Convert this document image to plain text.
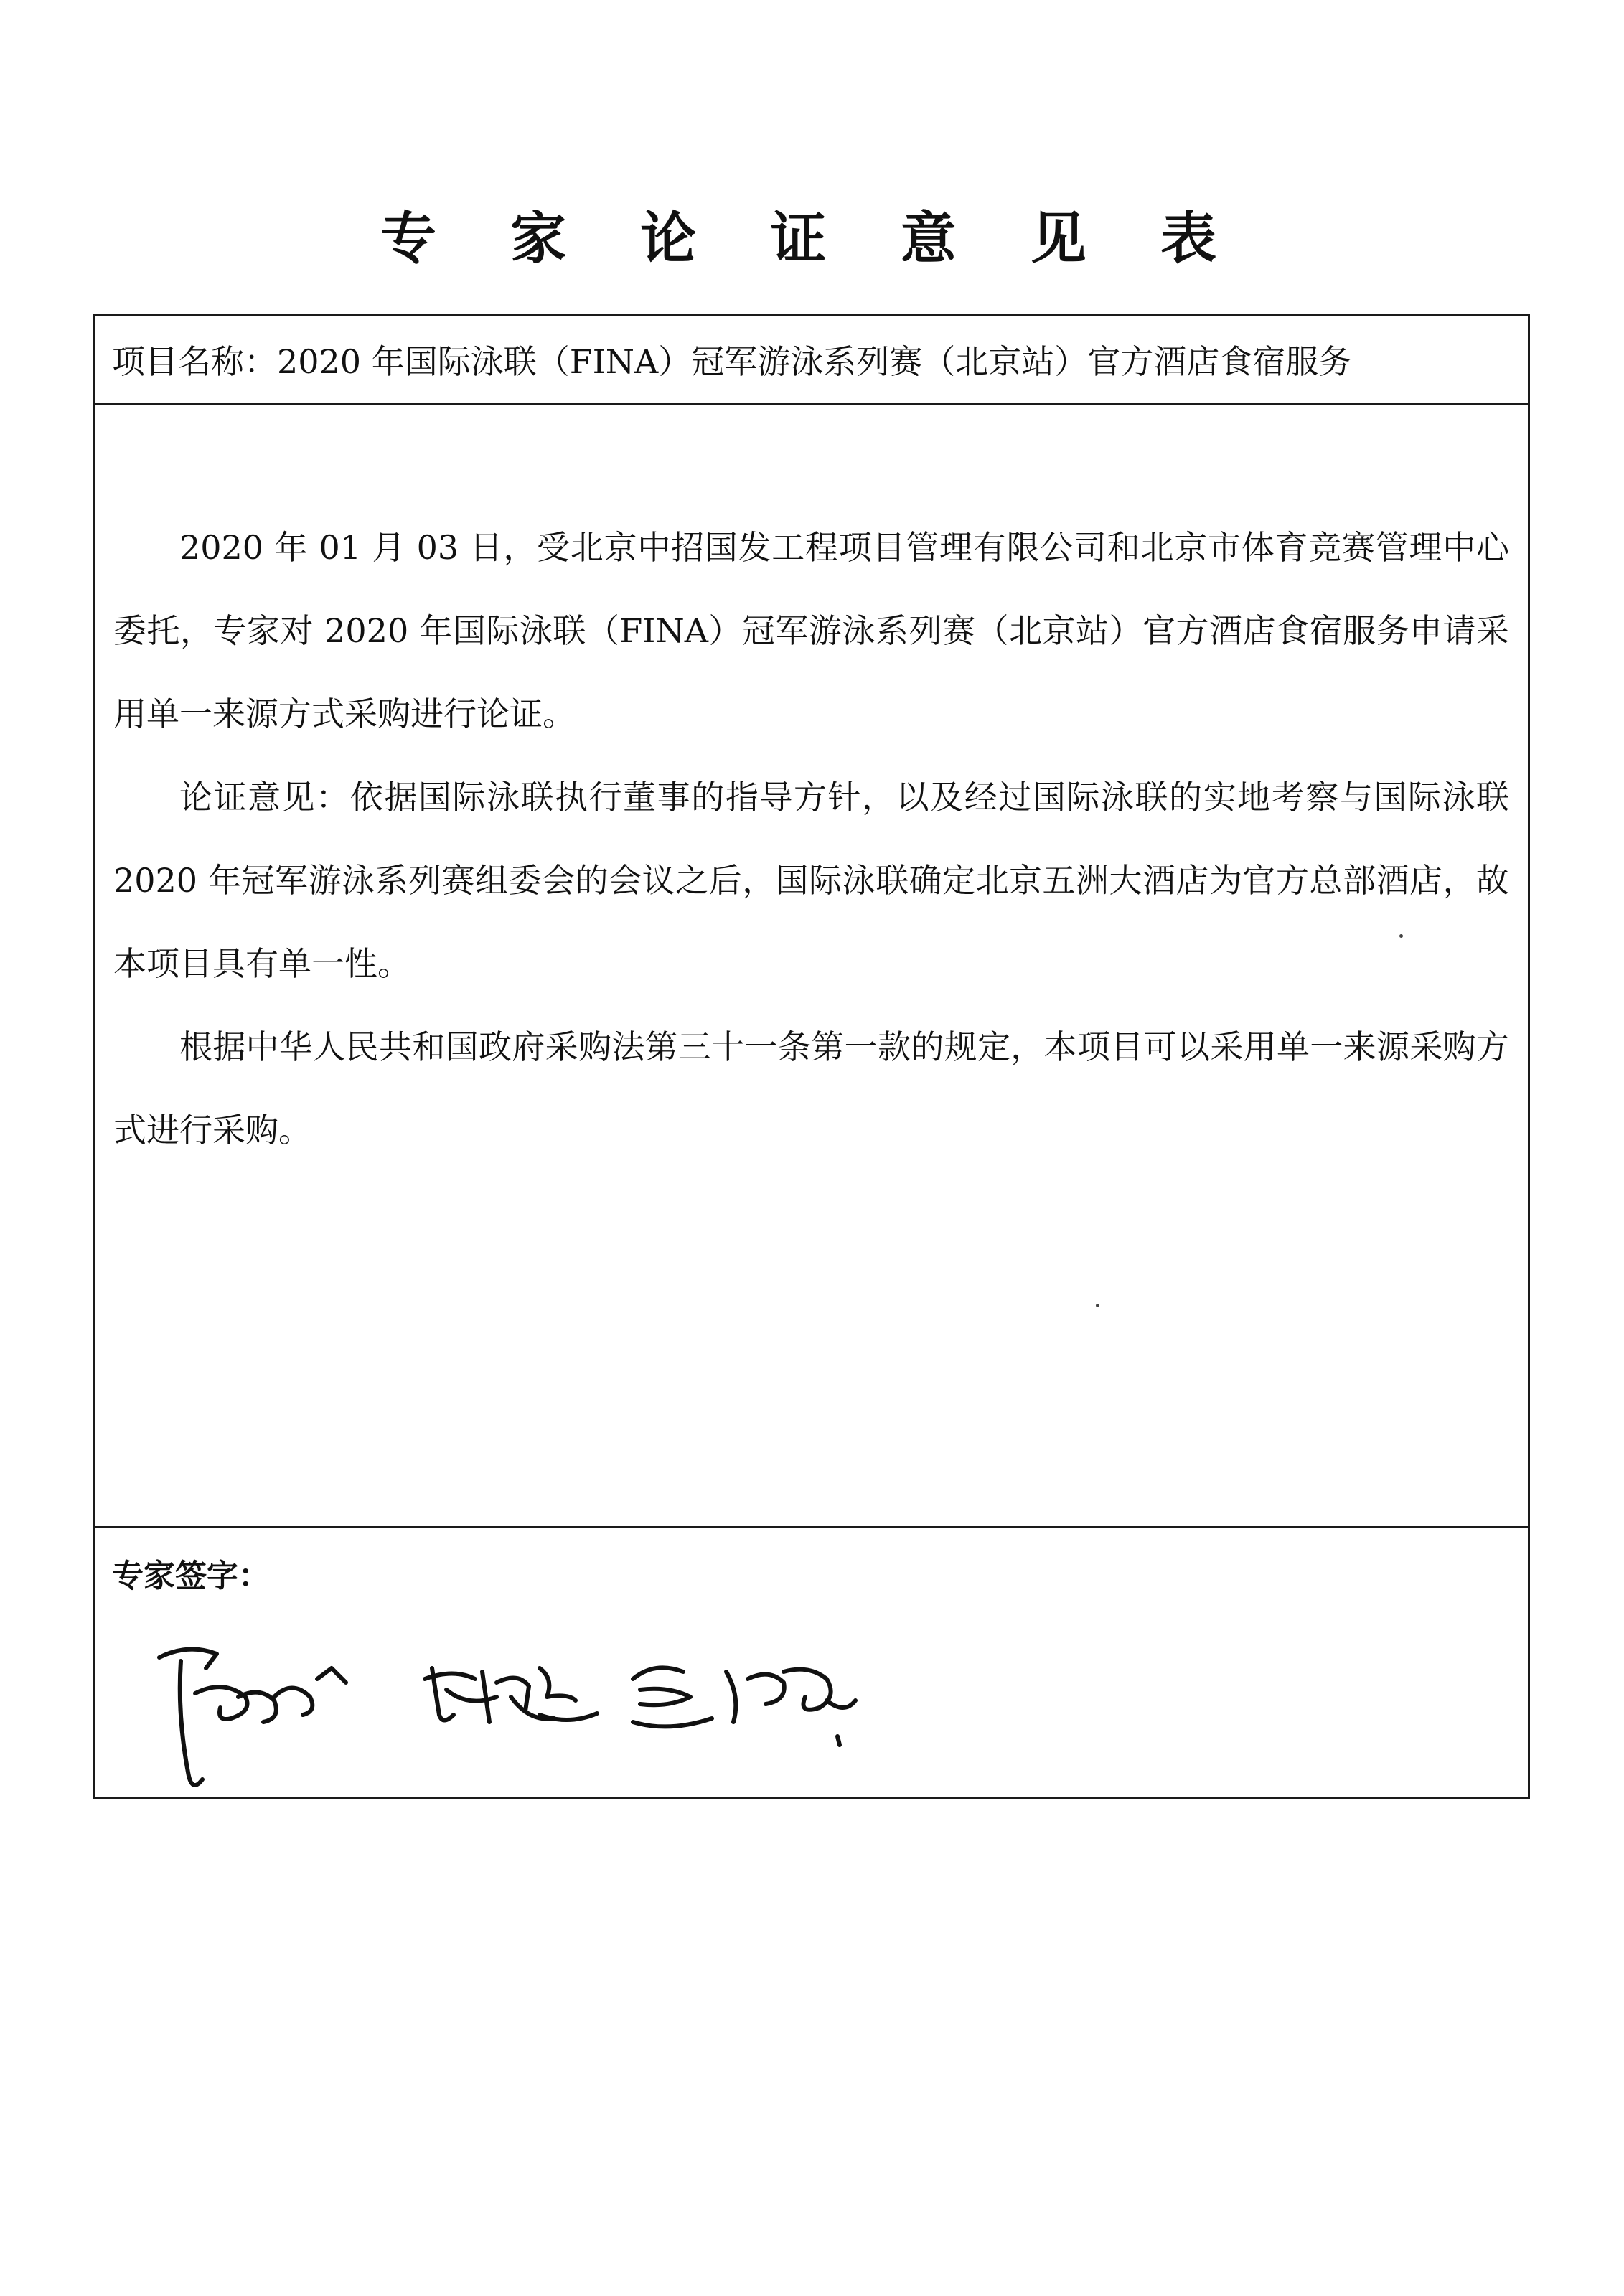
专 家 论 证 意 见 表
项目名称：2020 年国际泳联（FINA）冠军游泳系列赛（北京站）官方酒店食宿服务

2020 年 01 月 03 日，受北京中招国发工程项目管理有限公司和北京市体育竞赛管理中心委托，专家对 2020 年国际泳联（FINA）冠军游泳系列赛（北京站）官方酒店食宿服务申请采用单一来源方式采购进行论证。

论证意见：依据国际泳联执行董事的指导方针，以及经过国际泳联的实地考察与国际泳联 2020 年冠军游泳系列赛组委会的会议之后，国际泳联确定北京五洲大酒店为官方总部酒店，故本项目具有单一性。

根据中华人民共和国政府采购法第三十一条第一款的规定，本项目可以采用单一来源采购方式进行采购。

专家签字：
